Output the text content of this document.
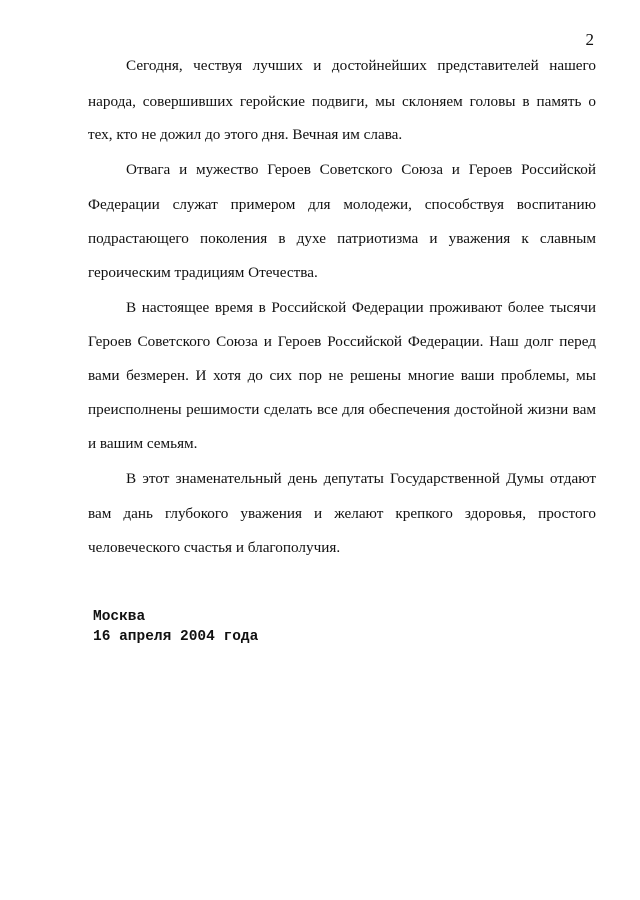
2
Сегодня, чествуя лучших и достойнейших представителей нашего
народа, совершивших геройские подвиги, мы склоняем головы в память о
тех, кто не дожил до этого дня. Вечная им слава.
Отвага и мужество Героев Советского Союза и Героев Российской
Федерации служат примером для молодежи, способствуя воспитанию
подрастающего поколения в духе патриотизма и уважения к славным
героическим традициям Отечества.
В настоящее время в Российской Федерации проживают более тысячи
Героев Советского Союза и Героев Российской Федерации. Наш долг перед
вами безмерен. И хотя до сих пор не решены многие ваши проблемы, мы
преисполнены решимости сделать все для обеспечения достойной жизни вам
и вашим семьям.
В этот знаменательный день депутаты Государственной Думы отдают
вам дань глубокого уважения и желают крепкого здоровья, простого
человеческого счастья и благополучия.
Москва
16 апреля 2004 года
